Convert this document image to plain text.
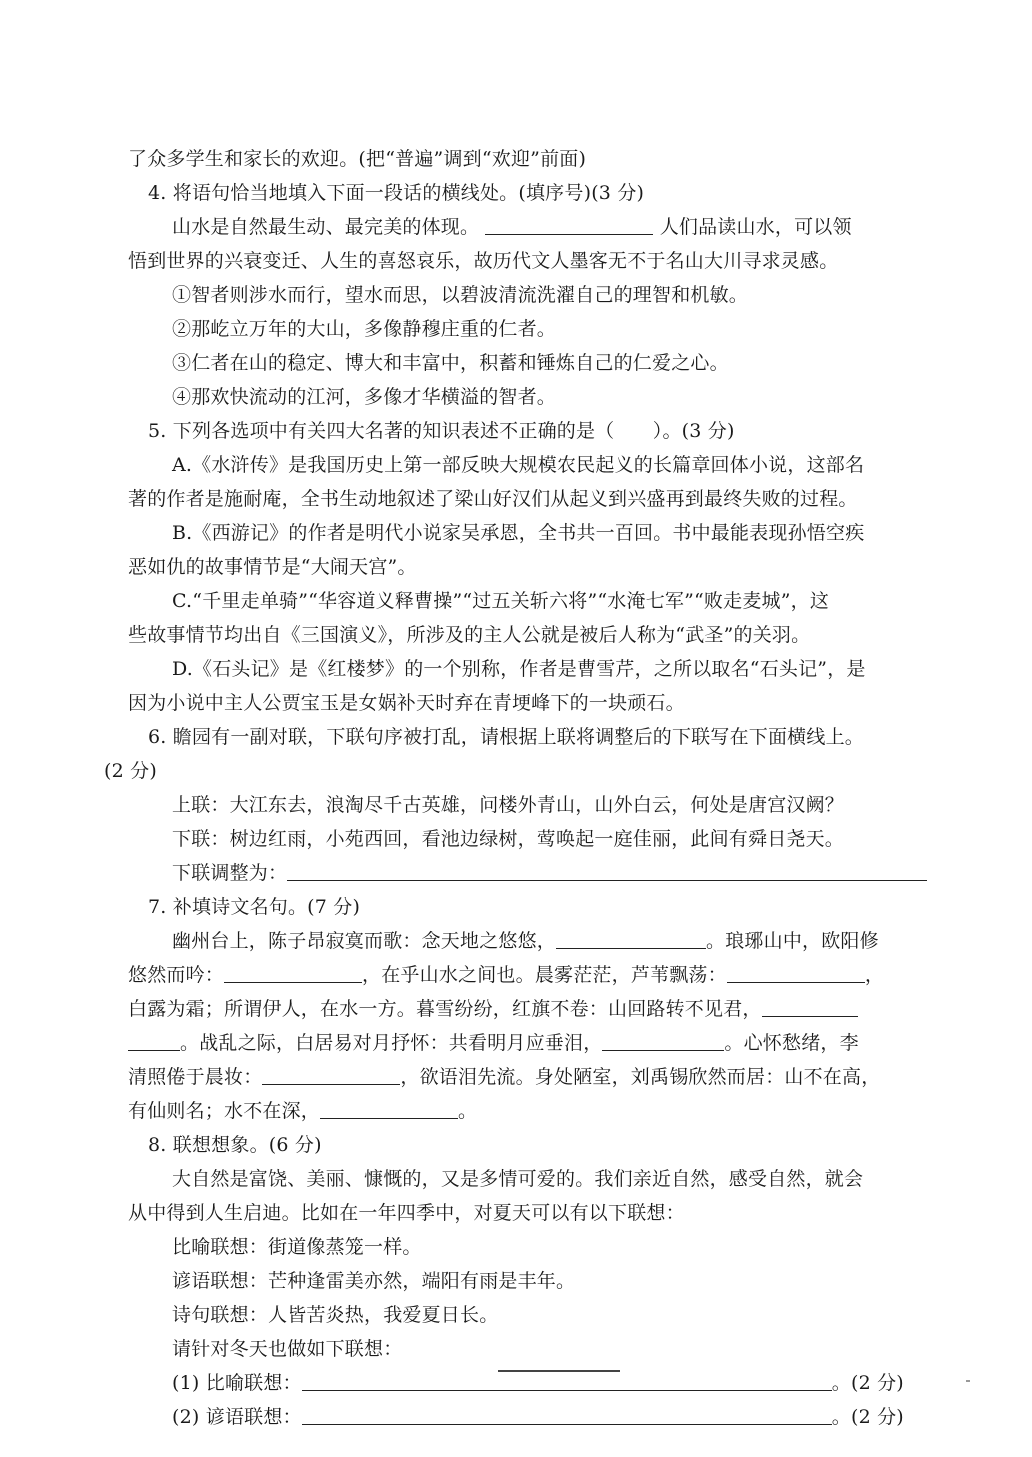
了众多学生和家长的欢迎。(把“普遍”调到“欢迎”前面)
4. 将语句恰当地填入下面一段话的横线处。(填序号)(3 分)
山水是自然最生动、最完美的体现。	人们品读山水，可以领
悟到世界的兴衰变迁、人生的喜怒哀乐，故历代文人墨客无不于名山大川寻求灵感。
①智者则涉水而行，望水而思，以碧波清流洗濯自己的理智和机敏。
②那屹立万年的大山，多像静穆庄重的仁者。
③仁者在山的稳定、博大和丰富中，积蓄和锤炼自己的仁爱之心。
④那欢快流动的江河，多像才华横溢的智者。
5. 下列各选项中有关四大名著的知识表述不正确的是（　　）。(3 分)
A.《水浒传》是我国历史上第一部反映大规模农民起义的长篇章回体小说，这部名
著的作者是施耐庵，全书生动地叙述了梁山好汉们从起义到兴盛再到最终失败的过程。
B.《西游记》的作者是明代小说家吴承恩，全书共一百回。书中最能表现孙悟空疾
恶如仇的故事情节是“大闹天宫”。
C.“千里走单骑”“华容道义释曹操”“过五关斩六将”“水淹七军”“败走麦城”，这
些故事情节均出自《三国演义》，所涉及的主人公就是被后人称为“武圣”的关羽。
D.《石头记》是《红楼梦》的一个别称，作者是曹雪芹，之所以取名“石头记”，是
因为小说中主人公贾宝玉是女娲补天时弃在青埂峰下的一块顽石。
6. 瞻园有一副对联，下联句序被打乱，请根据上联将调整后的下联写在下面横线上。
(2 分)
上联：大江东去，浪淘尽千古英雄，问楼外青山，山外白云，何处是唐宫汉阙？
下联：树边红雨，小苑西回，看池边绿树，莺唤起一庭佳丽，此间有舜日尧天。
下联调整为：
7. 补填诗文名句。(7 分)
幽州台上，陈子昂寂寞而歌：念天地之悠悠，	。琅琊山中，欧阳修
悠然而吟：	，在乎山水之间也。晨雾茫茫，芦苇飘荡：	，
白露为霜；所谓伊人，在水一方。暮雪纷纷，红旗不卷：山回路转不见君，
。战乱之际，白居易对月抒怀：共看明月应垂泪，	。心怀愁绪，李
清照倦于晨妆：	，欲语泪先流。身处陋室，刘禹锡欣然而居：山不在高，
有仙则名；水不在深，	。
8. 联想想象。(6 分)
大自然是富饶、美丽、慷慨的，又是多情可爱的。我们亲近自然，感受自然，就会
从中得到人生启迪。比如在一年四季中，对夏天可以有以下联想：
比喻联想：街道像蒸笼一样。
谚语联想：芒种逢雷美亦然，端阳有雨是丰年。
诗句联想：人皆苦炎热，我爱夏日长。
请针对冬天也做如下联想：
(1) 比喻联想：	。(2 分)
(2) 谚语联想：	。(2 分)
